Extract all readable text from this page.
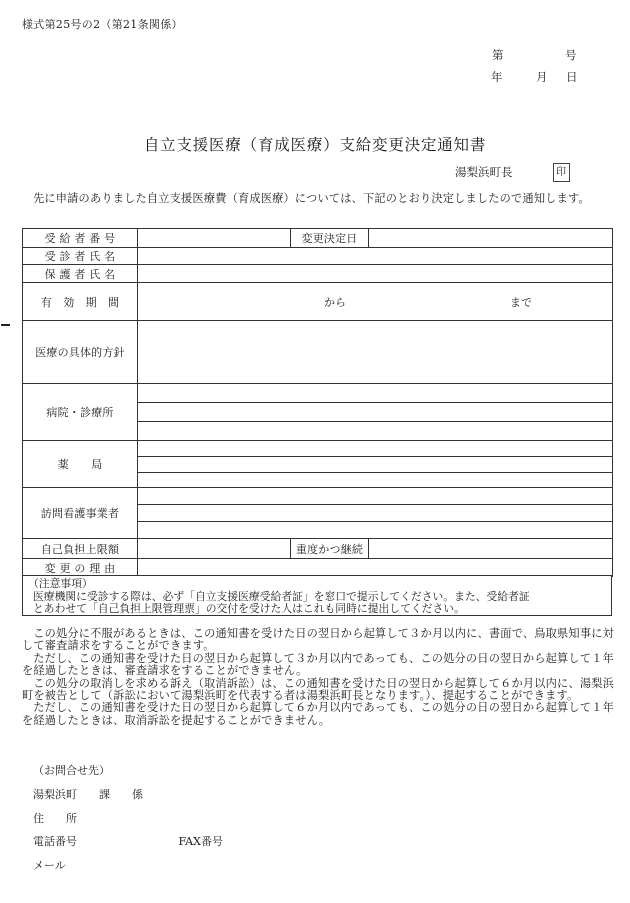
様式第25号の2（第21条関係）
第	号
年	月 日
自立支援医療（育成医療）支給変更決定通知書
湯梨浜町長	印
先に申請のありました自立支援医療費（育成医療）については、下記のとおり決定しましたので通知します。
受 給 者 番 号		変更決定日	
受 診 者 氏 名			
保 護 者 氏 名			
有　効　期　間	から まで		

医療の具体的方針			
病院・診療所			

薬　　局			

訪問看護事業者			

自己負担上限額		重度かつ継続	
変 更 の 理 由			
（注意事項）
医療機関に受診する際は、必ず「自立支援医療受給者証」を窓口で提示してください。また、受給者証
とあわせて「自己負担上限管理票」の交付を受けた人はこれも同時に提出してください。

この処分に不服があるときは、この通知書を受けた日の翌日から起算して３か月以内に、書面で、鳥取県知事に対して審査請求をすることができます。

ただし、この通知書を受けた日の翌日から起算して３か月以内であっても、この処分の日の翌日から起算して１年を経過したときは、審査請求をすることができません。

この処分の取消しを求める訴え（取消訴訟）は、この通知書を受けた日の翌日から起算して６か月以内に、湯梨浜町を被告として（訴訟において湯梨浜町を代表する者は湯梨浜町長となります。）、提起することができます。

ただし、この通知書を受けた日の翌日から起算して６か月以内であっても、この処分の日の翌日から起算して１年を経過したときは、取消訴訟を提起することができません。

（お問合せ先）
湯梨浜町　　課　　係
住　　所
電話番号	FAX番号
メール
